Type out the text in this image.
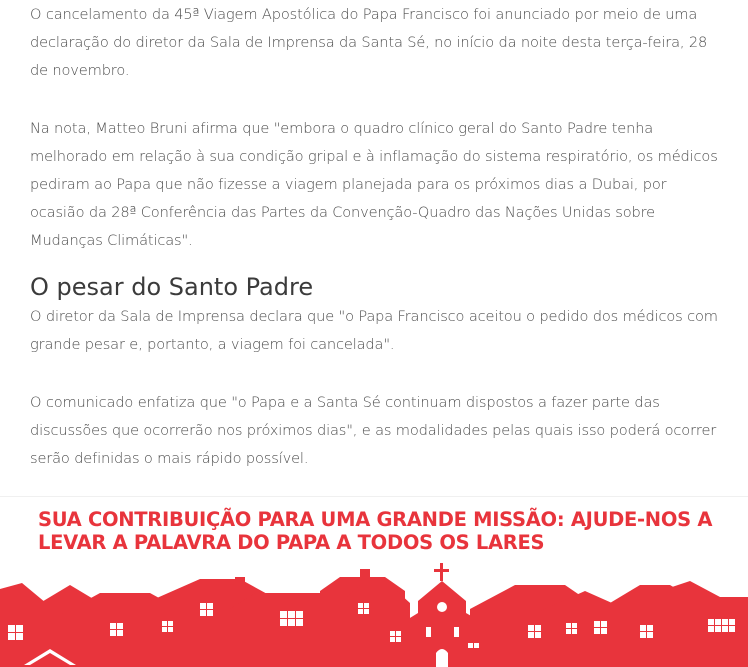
O cancelamento da 45ª Viagem Apostólica do Papa Francisco foi anunciado por meio de uma declaração do diretor da Sala de Imprensa da Santa Sé, no início da noite desta terça-feira, 28 de novembro.

Na nota, Matteo Bruni afirma que "embora o quadro clínico geral do Santo Padre tenha melhorado em relação à sua condição gripal e à inflamação do sistema respiratório, os médicos pediram ao Papa que não fizesse a viagem planejada para os próximos dias a Dubai, por ocasião da 28ª Conferência das Partes da Convenção-Quadro das Nações Unidas sobre Mudanças Climáticas".

O pesar do Santo Padre

O diretor da Sala de Imprensa declara que "o Papa Francisco aceitou o pedido dos médicos com grande pesar e, portanto, a viagem foi cancelada".

O comunicado enfatiza que "o Papa e a Santa Sé continuam dispostos a fazer parte das discussões que ocorrerão nos próximos dias", e as modalidades pelas quais isso poderá ocorrer serão definidas o mais rápido possível.

SUA CONTRIBUIÇÃO PARA UMA GRANDE MISSÃO: AJUDE-NOS A LEVAR A PALAVRA DO PAPA A TODOS OS LARES
